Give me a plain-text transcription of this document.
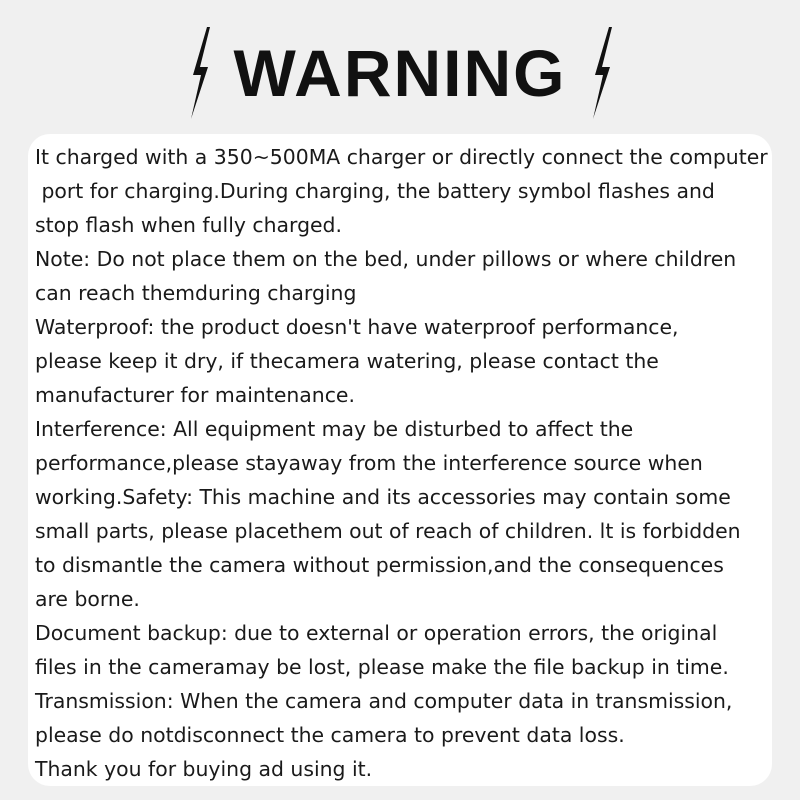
WARNING
It charged with a 350~500MA charger or directly connect the computer
port for charging.During charging, the battery symbol flashes and
stop flash when fully charged.
Note: Do not place them on the bed, under pillows or where children
can reach themduring charging
Waterproof: the product doesn't have waterproof performance,
please keep it dry, if thecamera watering, please contact the
manufacturer for maintenance.
Interference: All equipment may be disturbed to affect the
performance,please stayaway from the interference source when
working.Safety: This machine and its accessories may contain some
small parts, please placethem out of reach of children. lt is forbidden
to dismantle the camera without permission,and the consequences
are borne.
Document backup: due to external or operation errors, the original
files in the cameramay be lost, please make the file backup in time.
Transmission: When the camera and computer data in transmission,
please do notdisconnect the camera to prevent data loss.
Thank you for buying ad using it.
